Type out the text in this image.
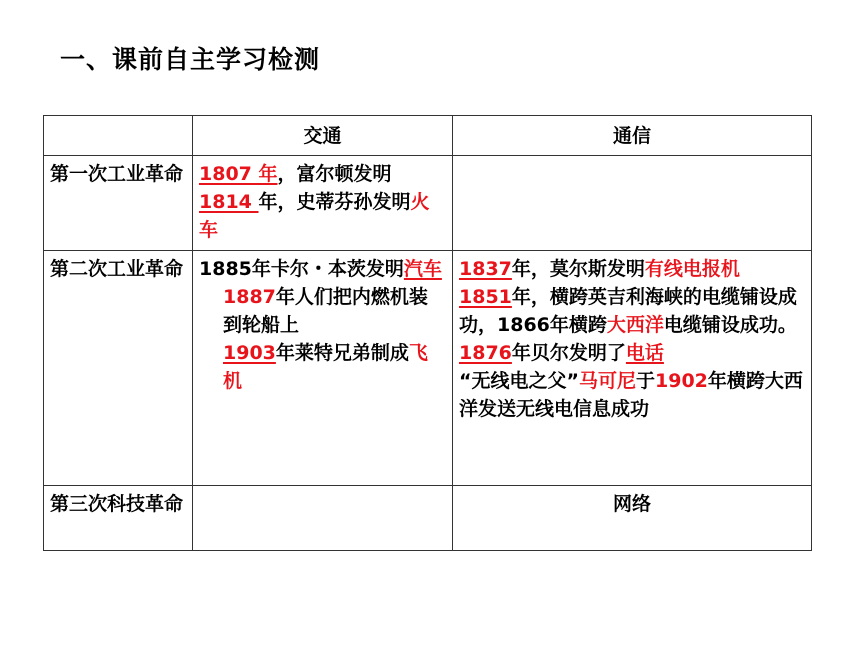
一、课前自主学习检测
	交通	通信
第一次工业革命	1807 年，富尔顿发明
1814 年，史蒂芬孙发明火车	

第二次工业革命	1885年卡尔・本茨发明汽车
1887年人们把内燃机装到轮船上
1903年莱特兄弟制成飞机	1837年，莫尔斯发明有线电报机
1851年，横跨英吉利海峡的电缆铺设成功，1866年横跨大西洋电缆铺设成功。
1876年贝尔发明了电话
“无线电之父”马可尼于1902年横跨大西洋发送无线电信息成功

第三次科技革命		网络
